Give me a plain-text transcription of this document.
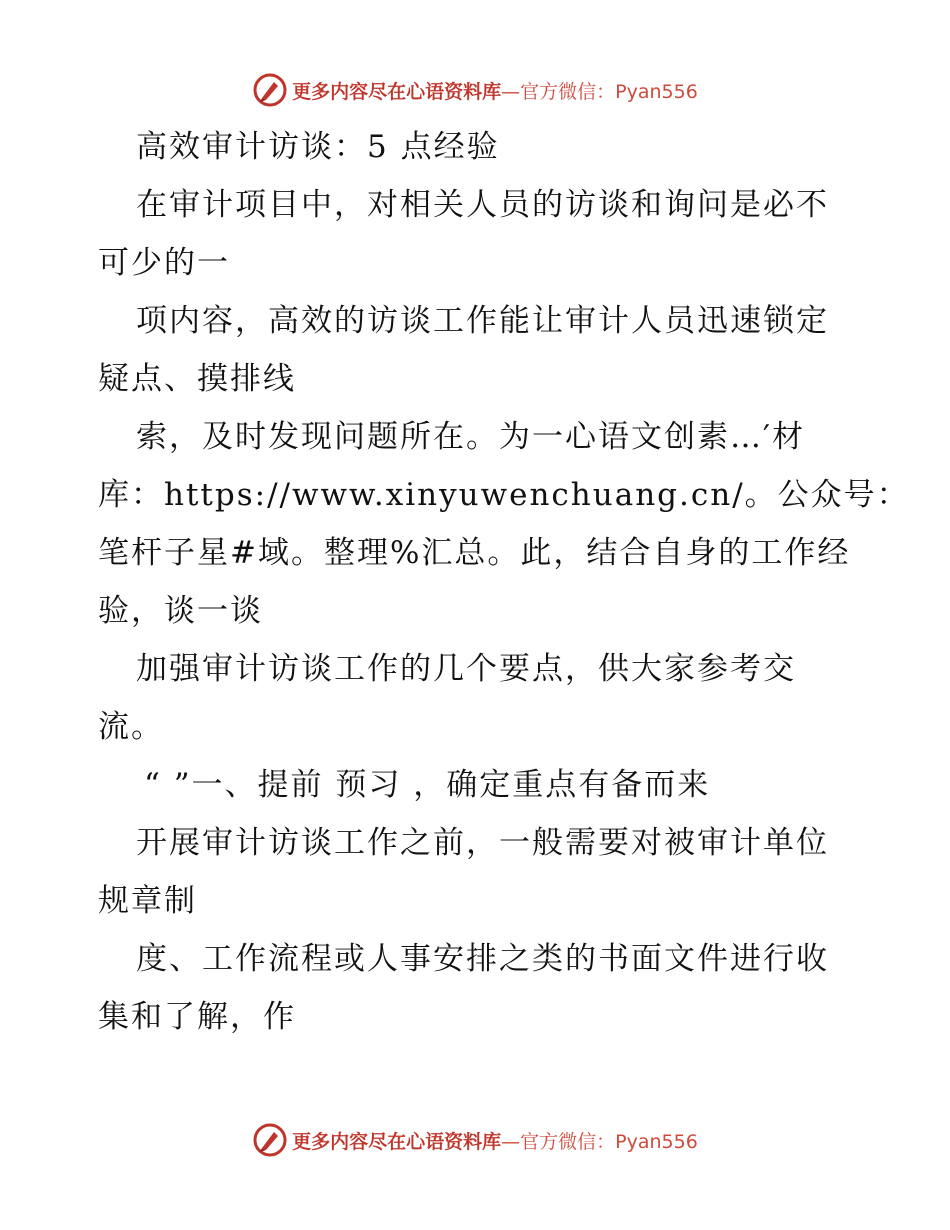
更多内容尽在心语资料库—官方微信：Pyan556
高效审计访谈：5 点经验
在审计项目中，对相关人员的访谈和询问是必不
可少的一
项内容，高效的访谈工作能让审计人员迅速锁定
疑点、摸排线
索，及时发现问题所在。为一心语文创素…′材
库：https://www.xinyuwenchuang.cn/。公众号：
笔杆子星#域。整理%汇总。此，结合自身的工作经
验，谈一谈
加强审计访谈工作的几个要点，供大家参考交
流。
“ ”一、提前 预习 ，确定重点有备而来
开展审计访谈工作之前，一般需要对被审计单位
规章制
度、工作流程或人事安排之类的书面文件进行收
集和了解，作
更多内容尽在心语资料库—官方微信：Pyan556
